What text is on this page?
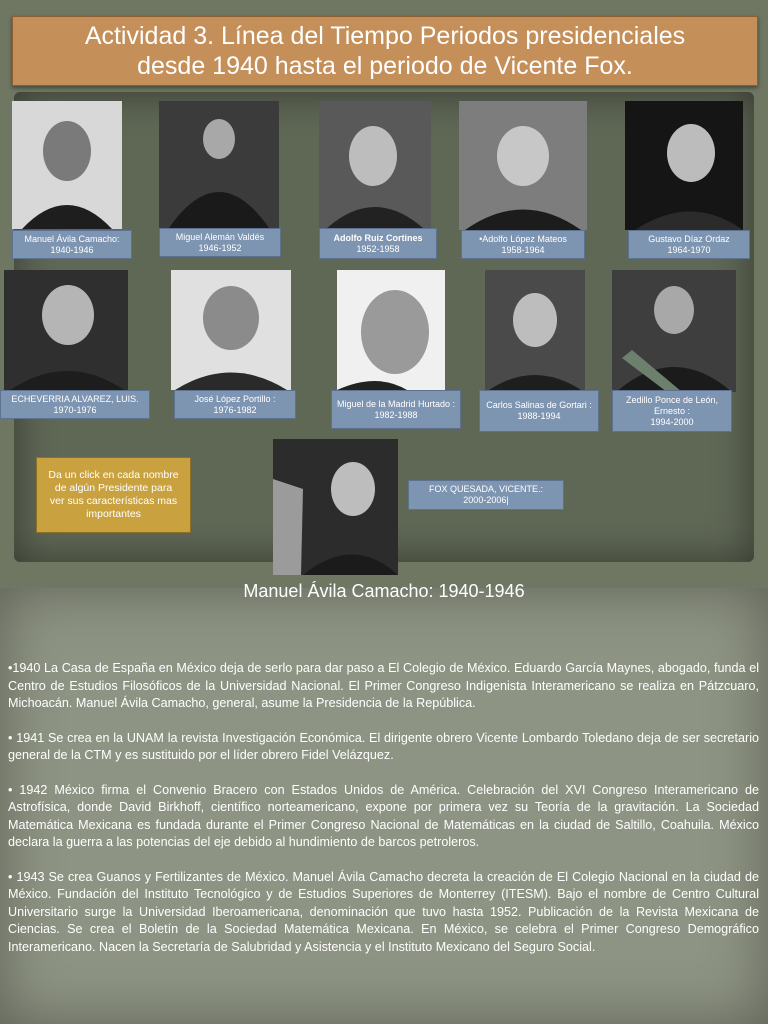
Actividad 3. Línea del Tiempo Periodos presidenciales
desde 1940 hasta el periodo de Vicente Fox.
Manuel Ávila Camacho:
1940-1946
Miguel Alemán Valdés
1946-1952
Adolfo Ruiz Cortines 1952-1958
•Adolfo López Mateos
1958-1964
Gustavo Díaz Ordaz
1964-1970
ECHEVERRIA ALVAREZ, LUIS.
1970-1976
José López Portillo :
1976-1982
Miguel de la Madrid Hurtado :
1982-1988
Carlos Salinas de Gortari :
1988-1994
Zedillo Ponce de León, Ernesto :
1994-2000
Da un click en cada nombre de algún Presidente para ver sus características mas importantes
FOX QUESADA, VICENTE.:
2000-2006|
Manuel Ávila Camacho: 1940-1946

•1940 La Casa de España en México deja de serlo para dar paso a El Colegio de México. Eduardo García Maynes, abogado, funda el Centro de Estudios Filosóficos de la Universidad Nacional. El Primer Congreso Indigenista Interamericano se realiza en Pátzcuaro, Michoacán. Manuel Ávila Camacho, general, asume la Presidencia de la República.

• 1941 Se crea en la UNAM la revista Investigación Económica. El dirigente obrero Vicente Lombardo Toledano deja de ser secretario general de la CTM y es sustituido por el líder obrero Fidel Velázquez.

• 1942 México firma el Convenio Bracero con Estados Unidos de América. Celebración del XVI Congreso Interamericano de Astrofísica, donde David Birkhoff, científico norteamericano, expone por primera vez su Teoría de la gravitación. La Sociedad Matemática Mexicana es fundada durante el Primer Congreso Nacional de Matemáticas en la ciudad de Saltillo, Coahuila. México declara la guerra a las potencias del eje debido al hundimiento de barcos petroleros.

• 1943 Se crea Guanos y Fertilizantes de México. Manuel Ávila Camacho decreta la creación de El Colegio Nacional en la ciudad de México. Fundación del Instituto Tecnológico y de Estudios Superiores de Monterrey (ITESM). Bajo el nombre de Centro Cultural Universitario surge la Universidad Iberoamericana, denominación que tuvo hasta 1952. Publicación de la Revista Mexicana de Ciencias. Se crea el Boletín de la Sociedad Matemática Mexicana. En México, se celebra el Primer Congreso Demográfico Interamericano. Nacen la Secretaría de Salubridad y Asistencia y el Instituto Mexicano del Seguro Social.
